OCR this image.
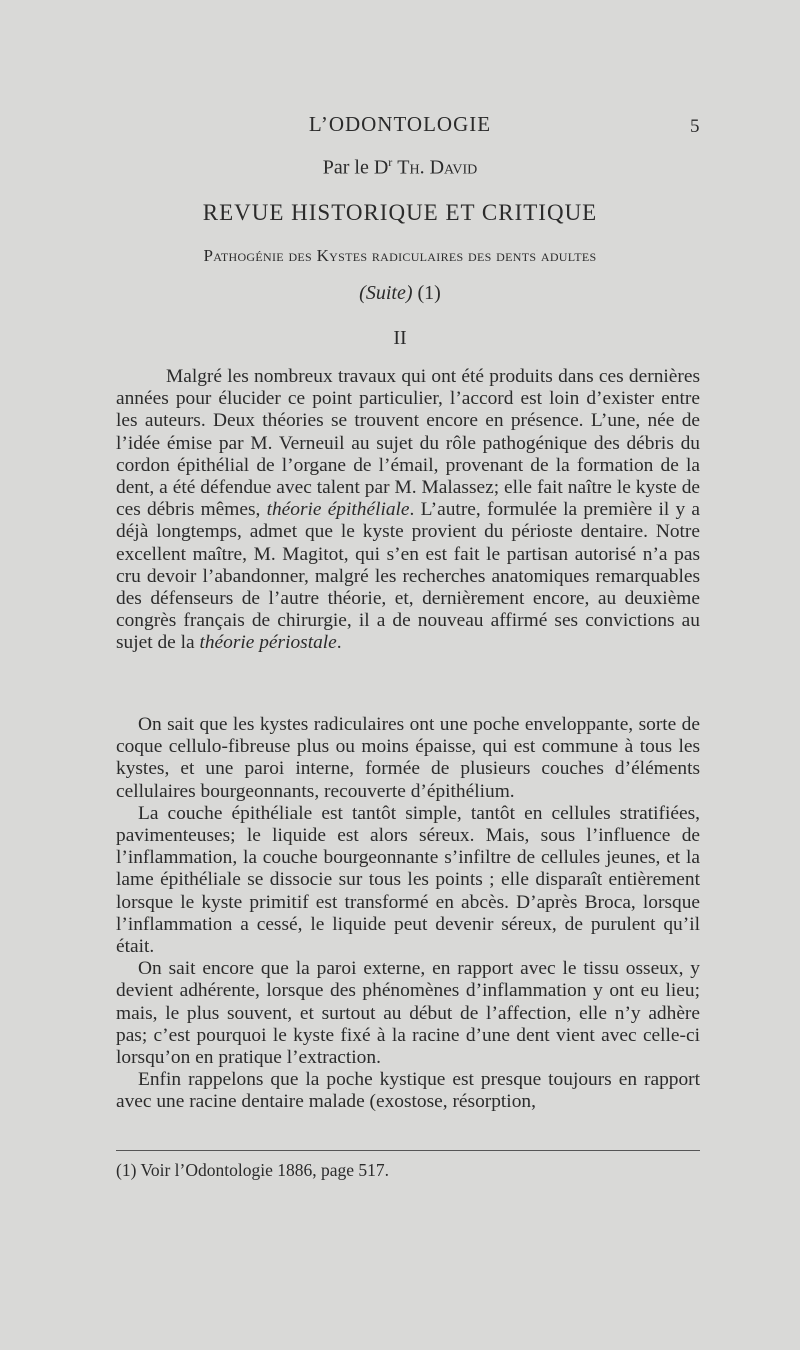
L’ODONTOLOGIE	5
Par le $D^r$ Th. David
REVUE HISTORIQUE ET CRITIQUE
Pathogénie des Kystes radiculaires des dents adultes
(Suite) (1)
II

Malgré les nombreux travaux qui ont été produits dans ces dernières années pour élucider ce point particulier, l’accord est loin d’exister entre les auteurs. Deux théories se trouvent encore en présence. L’une, née de l’idée émise par M. Verneuil au sujet du rôle pathogénique des débris du cordon épithélial de l’organe de l’émail, provenant de la formation de la dent, a été défendue avec talent par M. Malassez; elle fait naître le kyste de ces débris mêmes, théorie épithéliale. L’autre, formulée la première il y a déjà longtemps, admet que le kyste provient du périoste dentaire. Notre excellent maître, M. Magitot, qui s’en est fait le partisan autorisé n’a pas cru devoir l’abandonner, malgré les recherches anatomiques remarquables des défenseurs de l’autre théorie, et, dernièrement encore, au deuxième congrès français de chirurgie, il a de nouveau affirmé ses convictions au sujet de la théorie périostale.

On sait que les kystes radiculaires ont une poche enveloppante, sorte de coque cellulo-fibreuse plus ou moins épaisse, qui est commune à tous les kystes, et une paroi interne, formée de plusieurs couches d’éléments cellulaires bourgeonnants, recouverte d’épithélium.

La couche épithéliale est tantôt simple, tantôt en cellules stratifiées, pavimenteuses; le liquide est alors séreux. Mais, sous l’influence de l’inflammation, la couche bourgeonnante s’infiltre de cellules jeunes, et la lame épithéliale se dissocie sur tous les points ; elle disparaît entièrement lorsque le kyste primitif est transformé en abcès. D’après Broca, lorsque l’inflammation a cessé, le liquide peut devenir séreux, de purulent qu’il était.

On sait encore que la paroi externe, en rapport avec le tissu osseux, y devient adhérente, lorsque des phénomènes d’inflammation y ont eu lieu; mais, le plus souvent, et surtout au début de l’affection, elle n’y adhère pas; c’est pourquoi le kyste fixé à la racine d’une dent vient avec celle-ci lorsqu’on en pratique l’extraction.

Enfin rappelons que la poche kystique est presque toujours en rapport avec une racine dentaire malade (exostose, résorption,

(1) Voir l’Odontologie 1886, page 517.
